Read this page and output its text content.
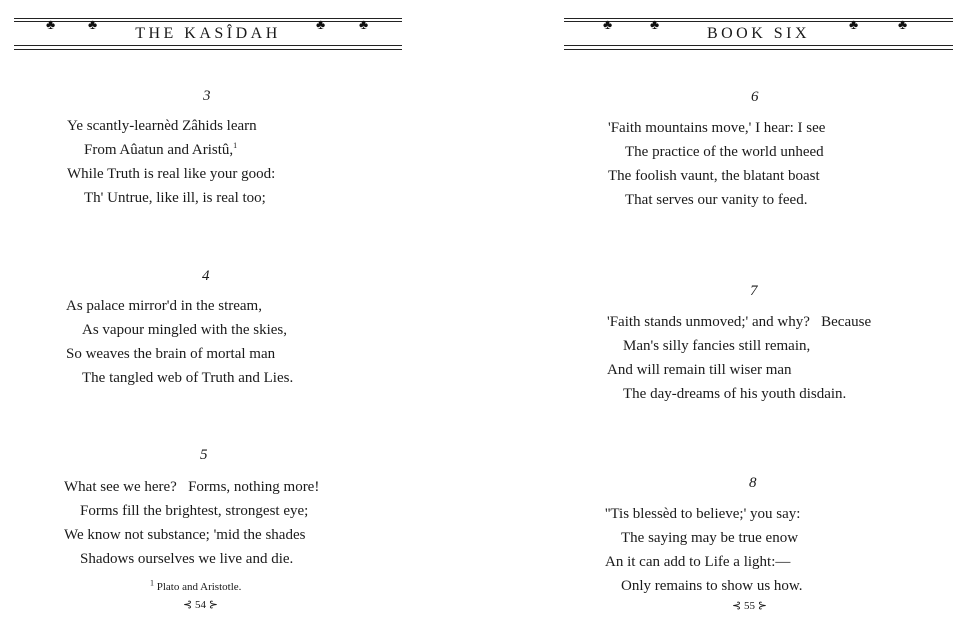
♣ ♣ THE KASÎDAH	♣ ♣
3
Ye scantly-learnèd Zâhids learn
From Aûatun and Aristû,$^1$
While Truth is real like your good:
Th' Untrue, like ill, is real too;
4
As palace mirror'd in the stream,
As vapour mingled with the skies,
So weaves the brain of mortal man
The tangled web of Truth and Lies.
5
What see we here?   Forms, nothing more!
Forms fill the brightest, strongest eye;
We know not substance; 'mid the shades
Shadows ourselves we live and die.
$^1$ Plato and Aristotle.
⊰ 54 ⊱
♣	♣	BOOK SIX	♣	♣
6
'Faith mountains move,' I hear: I see
The practice of the world unheed
The foolish vaunt, the blatant boast
That serves our vanity to feed.
7
'Faith stands unmoved;' and why?   Because
Man's silly fancies still remain,
And will remain till wiser man
The day-dreams of his youth disdain.
8
''Tis blessèd to believe;' you say:
The saying may be true enow
An it can add to Life a light:—
Only remains to show us how.
⊰ 55 ⊱
